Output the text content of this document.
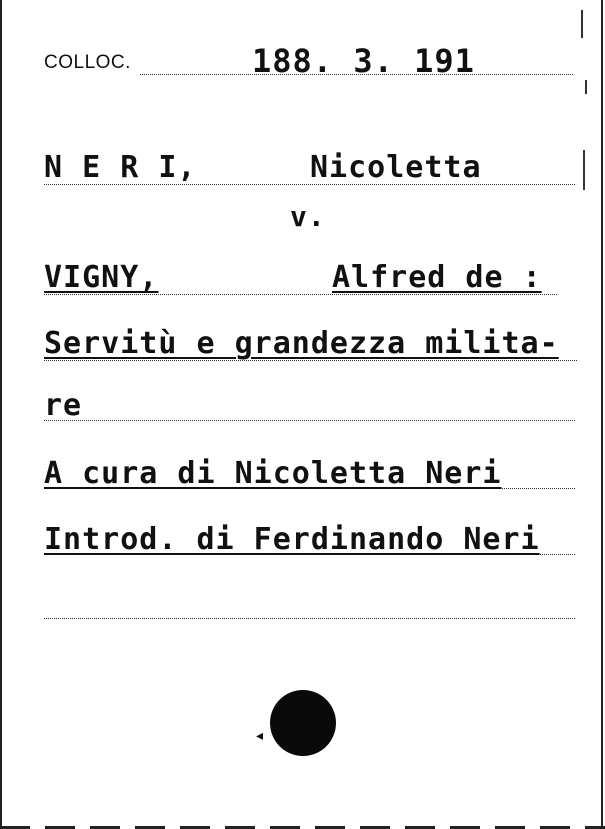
COLLOC.	188. 3. 191
N E R I,	Nicoletta
v.
VIGNY,	Alfred de :
Servitù e grandezza milita-
re
A cura di Nicoletta Neri
Introd. di Ferdinando Neri
◂
